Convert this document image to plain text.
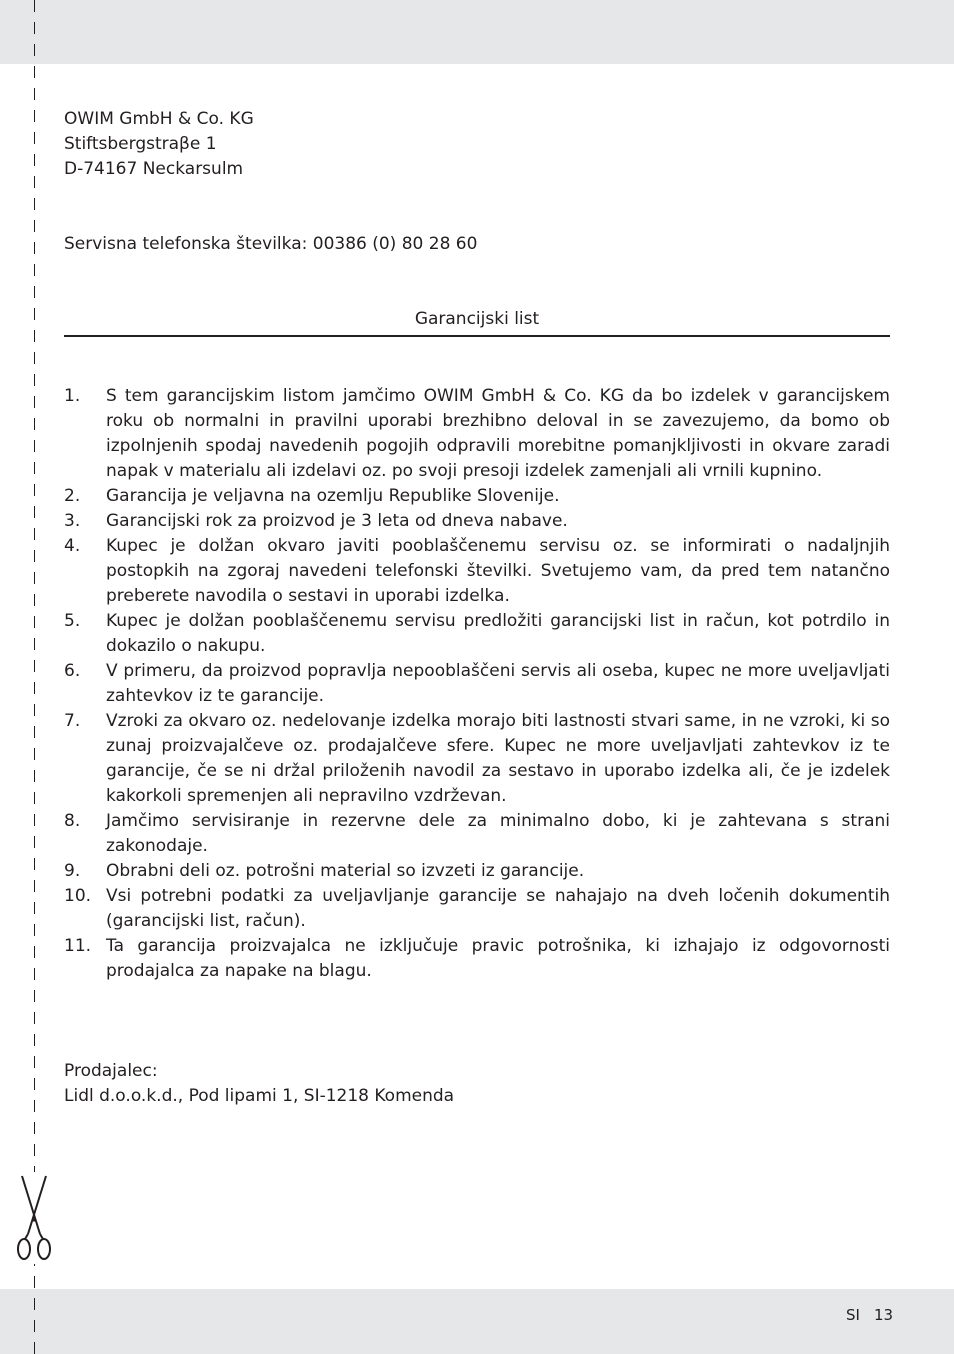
OWIM GmbH & Co. KG

Stiftsbergstraβe 1

D-74167 Neckarsulm

Servisna telefonska številka: 00386 (0) 80 28 60

Garancijski list
1. S tem garancijskim listom jamčimo OWIM GmbH & Co. KG da bo izdelek v garancijskem roku ob normalni in pravilni uporabi brezhibno deloval in se zavezujemo, da bomo ob izpolnjenih spodaj navedenih pogojih odpravili morebitne pomanjkljivosti in okvare zaradi napak v materialu ali izdelavi oz. po svoji presoji izdelek zamenjali ali vrnili kupnino.
2. Garancija je veljavna na ozemlju Republike Slovenije.
3. Garancijski rok za proizvod je 3 leta od dneva nabave.
4. Kupec je dolžan okvaro javiti pooblaščenemu servisu oz. se informirati o nadaljnjih postopkih na zgoraj navedeni telefonski številki. Svetujemo vam, da pred tem natančno preberete navodila o sestavi in uporabi izdelka.
5. Kupec je dolžan pooblaščenemu servisu predložiti garancijski list in račun, kot potrdilo in dokazilo o nakupu.
6. V primeru, da proizvod popravlja nepooblaščeni servis ali oseba, kupec ne more uveljavljati zahtevkov iz te garancije.
7. Vzroki za okvaro oz. nedelovanje izdelka morajo biti lastnosti stvari same, in ne vzroki, ki so zunaj proizvajalčeve oz. prodajalčeve sfere. Kupec ne more uveljavljati zahtevkov iz te garancije, če se ni držal priloženih navodil za sestavo in uporabo izdelka ali, če je izdelek kakorkoli spremenjen ali nepravilno vzdrževan.
8. Jamčimo servisiranje in rezervne dele za minimalno dobo, ki je zahtevana s strani zakonodaje.
9. Obrabni deli oz. potrošni material so izvzeti iz garancije.
10. Vsi potrebni podatki za uveljavljanje garancije se nahajajo na dveh ločenih dokumentih (garancijski list, račun).
11. Ta garancija proizvajalca ne izključuje pravic potrošnika, ki izhajajo iz odgovornosti prodajalca za napake na blagu.

Prodajalec:

Lidl d.o.o.k.d., Pod lipami 1, SI-1218 Komenda

SI 13
